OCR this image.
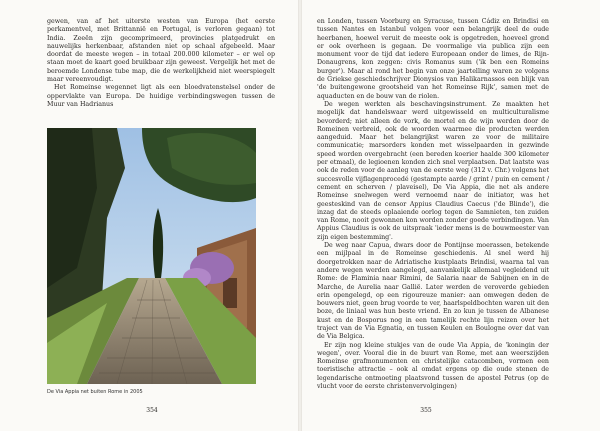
gewen, van af het uiterste westen van Europa (het eerste perkamentvel, met Brittannië en Portugal, is verloren gegaan) tot India. Zeeën zijn gecomprimeerd, provincies platgedrukt en nauwelijks herkenbaar, afstanden niet op schaal afgebeeld. Maar doordat de meeste wegen – in totaal 200.000 kilometer – er wel op staan moet de kaart goed bruikbaar zijn geweest. Vergelijk het met de beroemde Londense tube map, die de werkelijkheid niet weerspiegelt maar vereenvoudigt.

Het Romeinse wegennet ligt als een bloedvatenstelsel onder de oppervlakte van Europa. De huidige verbindingswegen tussen de Muur van Hadrianus

De Via Appia net buiten Rome in 2005
354

en Londen, tussen Voorburg en Syracuse, tussen Cádiz en Brindisi en tussen Nantes en Istanbul volgen voor een belangrijk deel de oude heerbanen, hoewel veruit de meeste ook is opgetreden, hoeveel grond er ook overheen is gegaan. De voormalige via publica zijn een monument voor de tijd dat iedere Europeaan onder de limes, de Rijn-Donaugrens, kon zeggen: civis Romanus sum ('ik ben een Romeins burger'). Maar al rond het begin van onze jaartelling waren ze volgens de Griekse geschiedschrijver Dionysios van Halikarnassos een blijk van 'de buitengewone grootsheid van het Romeinse Rijk', samen met de aquaducten en de bouw van de riolen.

De wegen werkten als beschavingsinstrument. Ze maakten het mogelijk dat handelswaar werd uitgewisseld en multiculturalisme bevorderd; niet alleen de vork, de mortel en de wijn werden door de Romeinen verbreid, ook de woorden waarmee die producten werden aangeduid. Maar het belangrijkst waren ze voor de militaire communicatie; marsorders konden met wisselpaarden in gezwinde speed worden overgebracht (een bereden koerier haalde 300 kilometer per etmaal), de legioenen konden zich snel verplaatsen. Dat laatste was ook de reden voor de aanleg van de eerste weg (312 v. Chr.) volgens het succesvolle vijflagenprocedé (gestampte aarde / grint / puin en cement / cement en scherven / plaveisel), De Via Appia, die net als andere Romeinse snelwegen werd vernoemd naar de initiator, was het geesteskind van de censor Appius Claudius Caecus ('de Blinde'), die inzag dat de steeds oplaaiende oorlog tegen de Samnieten, ten zuiden van Rome, nooit gewonnen kon worden zonder goede verbindingen. Van Appius Claudius is ook de uitspraak 'ieder mens is de bouwmeester van zijn eigen bestemming'.

De weg naar Capua, dwars door de Pontijnse moerassen, betekende een mijlpaal in de Romeinse geschiedenis. Al snel werd hij doorgetrokken naar de Adriatische kustplaats Brindisi, waarna tal van andere wegen werden aangelegd, aanvankelijk allemaal vegleidend uit Rome: de Flaminia naar Rimini, de Salaria naar de Sabijnen en in de Marche, de Aurelia naar Gallië. Later werden de veroverde gebieden erin opengelegd, op een rigoureuze manier: aan omwegen deden de bouwers niet, geen brug voorde te ver, haarlspeldbochten waren uit den boze, de liniaal was hun beste vriend. En zo kun je tussen de Albanese kust en de Bosporus nog in een tamelijk rechte lijn reizen over het traject van de Via Egnatia, en tussen Keulen en Boulogne over dat van de Via Belgica.

Er zijn nog kleine stukjes van de oude Via Appia, de 'koningin der wegen', over. Vooral die in de buurt van Rome, met aan weerszijden Romeinse grafmonumenten en christelijke catacomben, vormen een toeristische attractie – ook al omdat ergens op die oude stenen de legendarische ontmoeting plaatsvond tussen de apostel Petrus (op de vlucht voor de eerste christenvervolgingen)

355
